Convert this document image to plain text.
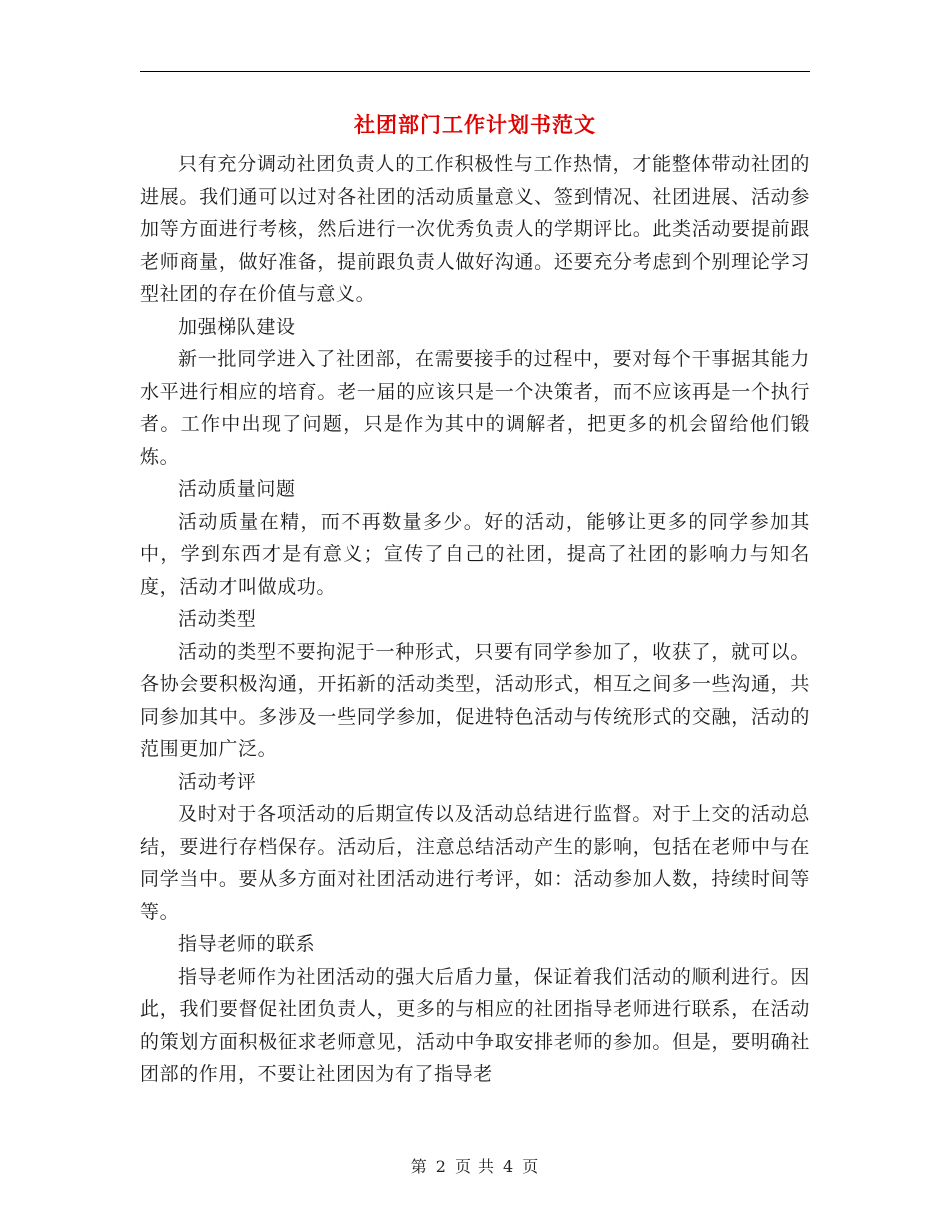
社团部门工作计划书范文

只有充分调动社团负责人的工作积极性与工作热情，才能整体带动社团的进展。我们通可以过对各社团的活动质量意义、签到情况、社团进展、活动参加等方面进行考核，然后进行一次优秀负责人的学期评比。此类活动要提前跟老师商量，做好准备，提前跟负责人做好沟通。还要充分考虑到个别理论学习型社团的存在价值与意义。

加强梯队建设

新一批同学进入了社团部，在需要接手的过程中，要对每个干事据其能力水平进行相应的培育。老一届的应该只是一个决策者，而不应该再是一个执行者。工作中出现了问题，只是作为其中的调解者，把更多的机会留给他们锻炼。

活动质量问题

活动质量在精，而不再数量多少。好的活动，能够让更多的同学参加其中，学到东西才是有意义；宣传了自己的社团，提高了社团的影响力与知名度，活动才叫做成功。

活动类型

活动的类型不要拘泥于一种形式，只要有同学参加了，收获了，就可以。各协会要积极沟通，开拓新的活动类型，活动形式，相互之间多一些沟通，共同参加其中。多涉及一些同学参加，促进特色活动与传统形式的交融，活动的范围更加广泛。

活动考评

及时对于各项活动的后期宣传以及活动总结进行监督。对于上交的活动总结，要进行存档保存。活动后，注意总结活动产生的影响，包括在老师中与在同学当中。要从多方面对社团活动进行考评，如：活动参加人数，持续时间等等。

指导老师的联系

指导老师作为社团活动的强大后盾力量，保证着我们活动的顺利进行。因此，我们要督促社团负责人，更多的与相应的社团指导老师进行联系，在活动的策划方面积极征求老师意见，活动中争取安排老师的参加。但是，要明确社团部的作用，不要让社团因为有了指导老

第 2 页 共 4 页
